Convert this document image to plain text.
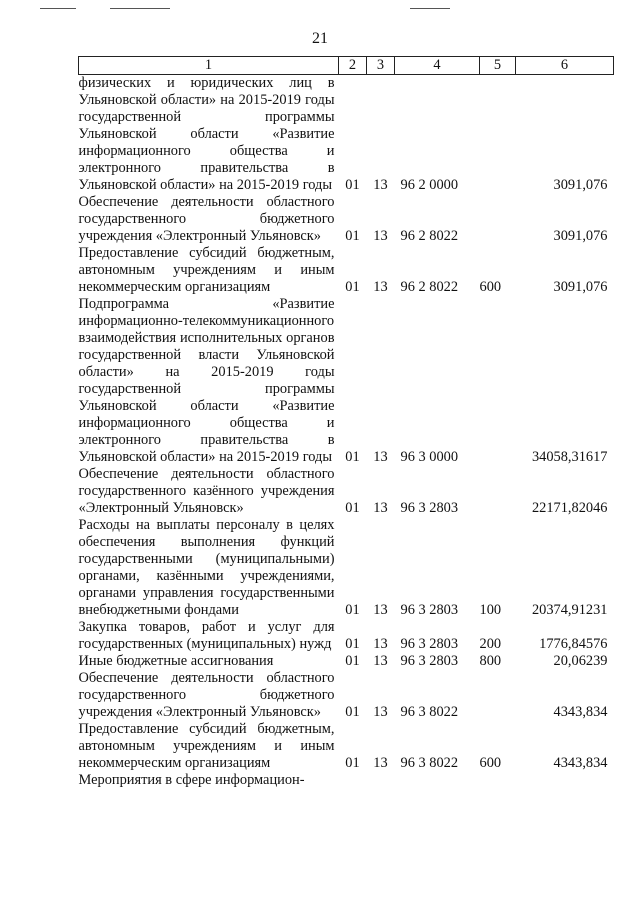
21
1	2	3	4	5	6
физических и юридических лиц в Ульяновской области» на 2015-2019 годы государственной программы Ульяновской области «Развитие информационного общества и электронного правительства в Ульяновской области» на 2015-2019 годы	01	13	96 2 0000		3091,076
Обеспечение деятельности областного государственного бюджетного учреждения «Электронный Ульяновск»	01	13	96 2 8022		3091,076
Предоставление субсидий бюджетным, автономным учреждениям и иным некоммерческим организациям	01	13	96 2 8022	600	3091,076
Подпрограмма «Развитие информационно-телекоммуникационного взаимодействия исполнительных органов государственной власти Ульяновской области» на 2015-2019 годы государственной программы Ульяновской области «Развитие информационного общества и электронного правительства в Ульяновской области» на 2015-2019 годы	01	13	96 3 0000		34058,31617
Обеспечение деятельности областного государственного казённого учреждения «Электронный Ульяновск»	01	13	96 3 2803		22171,82046
Расходы на выплаты персоналу в целях обеспечения выполнения функций государственными (муниципальными) органами, казёнными учреждениями, органами управления государственными внебюджетными фондами	01	13	96 3 2803	100	20374,91231
Закупка товаров, работ и услуг для государственных (муниципальных) нужд	01	13	96 3 2803	200	1776,84576
Иные бюджетные ассигнования	01	13	96 3 2803	800	20,06239
Обеспечение деятельности областного государственного бюджетного учреждения «Электронный Ульяновск»	01	13	96 3 8022		4343,834
Предоставление субсидий бюджетным, автономным учреждениям и иным некоммерческим организациям	01	13	96 3 8022	600	4343,834
Мероприятия в сфере информацион-					
